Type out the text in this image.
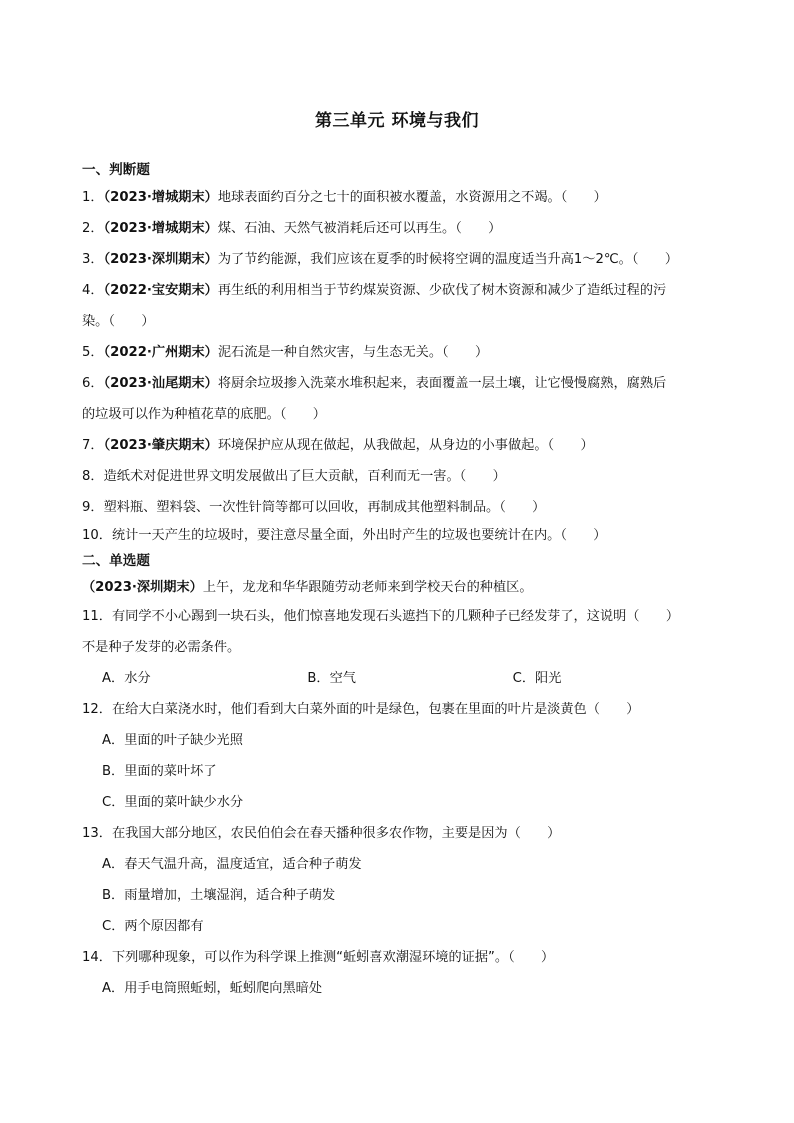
第三单元 环境与我们
一、判断题
1．（2023·增城期末）地球表面约百分之七十的面积被水覆盖，水资源用之不竭。（　　）
2．（2023·增城期末）煤、石油、天然气被消耗后还可以再生。（　　）
3．（2023·深圳期末）为了节约能源，我们应该在夏季的时候将空调的温度适当升高1～2℃。（　　）
4．（2022·宝安期末）再生纸的利用相当于节约煤炭资源、少砍伐了树木资源和减少了造纸过程的污
染。（　　）
5．（2022·广州期末）泥石流是一种自然灾害，与生态无关。（　　）
6．（2023·汕尾期末）将厨余垃圾掺入洗菜水堆积起来，表面覆盖一层土壤，让它慢慢腐熟，腐熟后
的垃圾可以作为种植花草的底肥。（　　）
7．（2023·肇庆期末）环境保护应从现在做起，从我做起，从身边的小事做起。（　　）
8．造纸术对促进世界文明发展做出了巨大贡献，百利而无一害。（　　）
9．塑料瓶、塑料袋、一次性针筒等都可以回收，再制成其他塑料制品。（　　）
10．统计一天产生的垃圾时，要注意尽量全面，外出时产生的垃圾也要统计在内。（　　）
二、单选题
（2023·深圳期末）上午，龙龙和华华跟随劳动老师来到学校天台的种植区。
11．有同学不小心踢到一块石头，他们惊喜地发现石头遮挡下的几颗种子已经发芽了，这说明（　　）
不是种子发芽的必需条件。
A．水分	B．空气	C．阳光
12．在给大白菜浇水时，他们看到大白菜外面的叶是绿色，包裹在里面的叶片是淡黄色（　　）
A．里面的叶子缺少光照
B．里面的菜叶坏了
C．里面的菜叶缺少水分
13．在我国大部分地区，农民伯伯会在春天播种很多农作物，主要是因为（　　）
A．春天气温升高，温度适宜，适合种子萌发
B．雨量增加，土壤湿润，适合种子萌发
C．两个原因都有
14．下列哪种现象，可以作为科学课上推测“蚯蚓喜欢潮湿环境的证据”。（　　）
A．用手电筒照蚯蚓，蚯蚓爬向黑暗处
